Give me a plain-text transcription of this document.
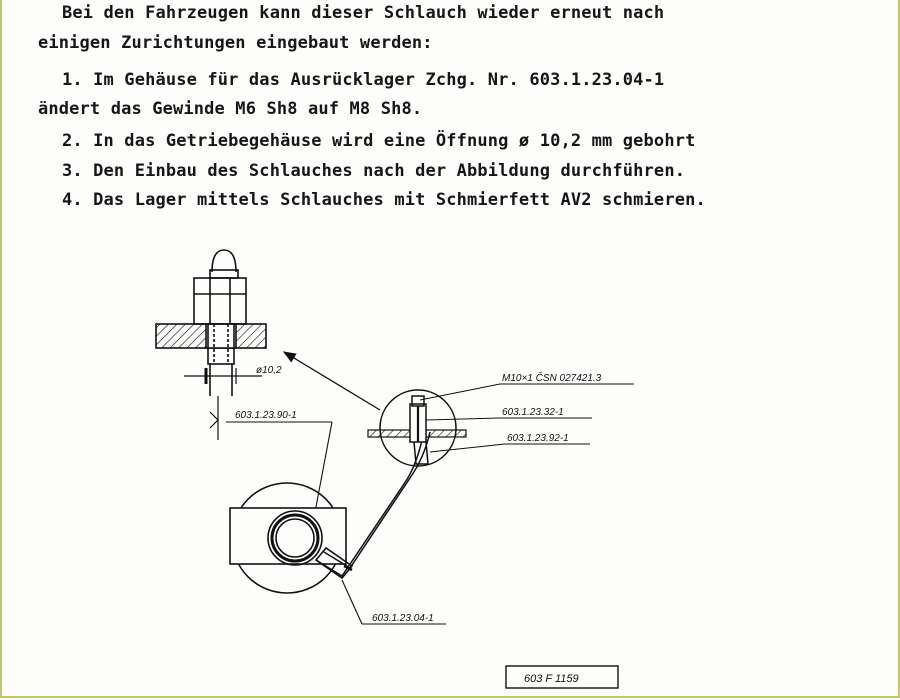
Bei den Fahrzeugen kann dieser Schlauch wieder erneut nach
einigen Zurichtungen eingebaut werden:
1. Im Gehäuse für das Ausrücklager Zchg. Nr. 603.1.23.04-1
ändert das Gewinde M6 Sh8 auf M8 Sh8.
2. In das Getriebegehäuse wird eine Öffnung ø 10,2 mm gebohrt
3. Den Einbau des Schlauches nach der Abbildung durchführen.
4. Das Lager mittels Schlauches mit Schmierfett AV2 schmieren.
ø10,2
603.1.23.90-1
M10×1 ČSN 027421.3
603.1.23.32-1
603.1.23.92-1
603.1.23.04-1
603 F 1159
